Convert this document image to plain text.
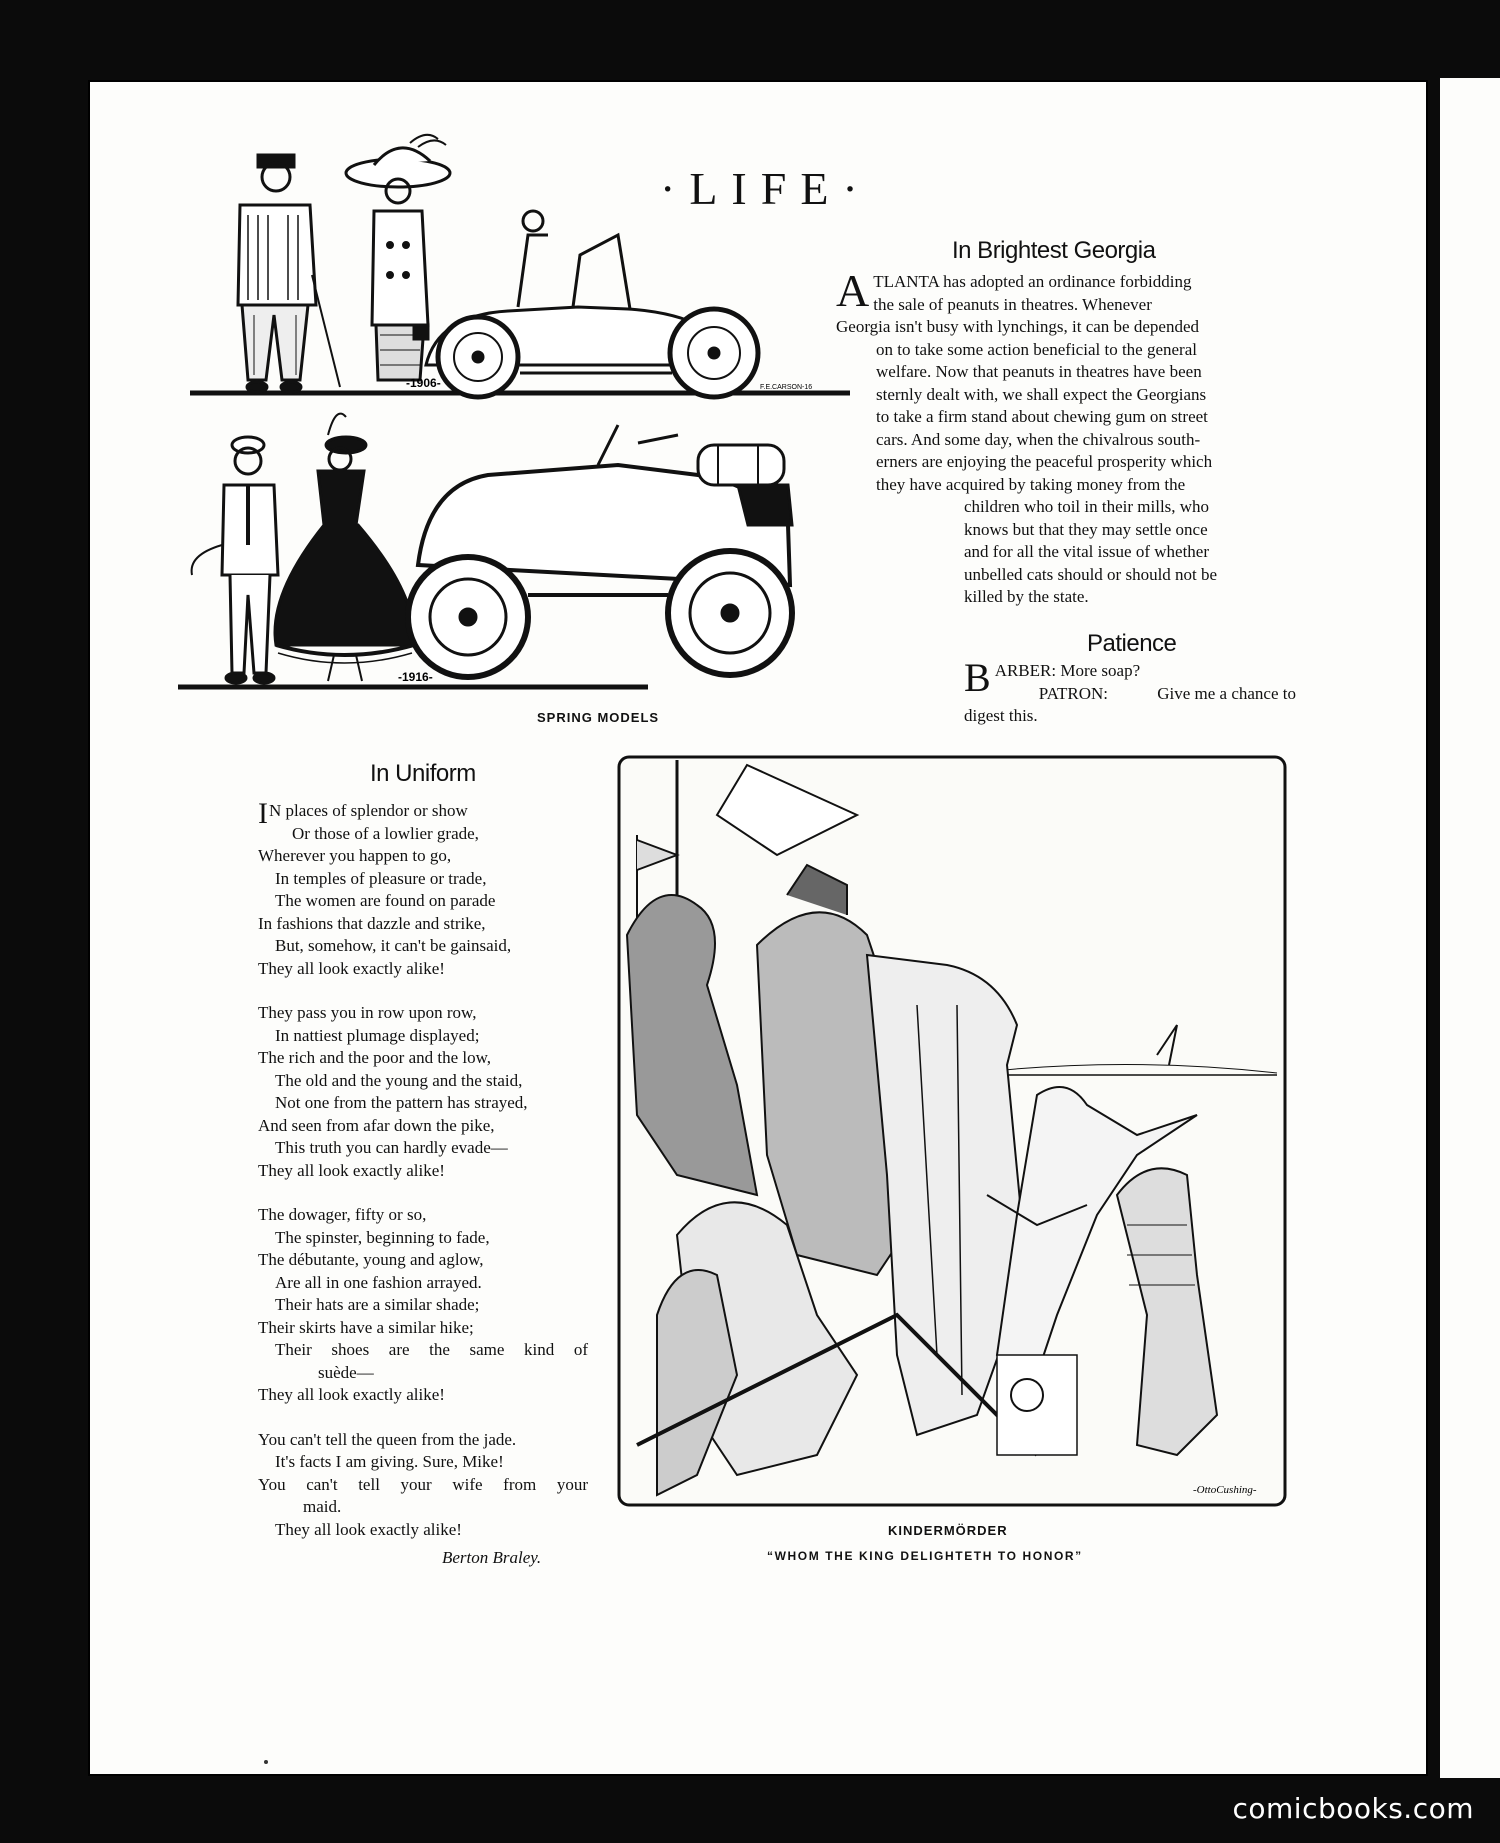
·LIFE·
-1906-	F.E.CARSON-16
-1916-
SPRING MODELS
In Brightest Georgia
A TLANTA has adopted an ordinance forbidding

the sale of peanuts in theatres. Whenever

Georgia isn't busy with lynchings, it can be depended

on to take some action beneficial to the general

welfare. Now that peanuts in theatres have been

sternly dealt with, we shall expect the Georgians

to take a firm stand about chewing gum on street

cars. And some day, when the chivalrous south-

erners are enjoying the peaceful prosperity which

they have acquired by taking money from the

children who toil in their mills, who

knows but that they may settle once

and for all the vital issue of whether

unbelled cats should or should not be

killed by the state.

Patience
B ARBER: More soap?
PATRON:	Give me a chance to
digest this.
In Uniform

I N places of splendor or show

Or those of a lowlier grade,

Wherever you happen to go,

In temples of pleasure or trade,

The women are found on parade

In fashions that dazzle and strike,

But, somehow, it can't be gainsaid,

They all look exactly alike!

They pass you in row upon row,

In nattiest plumage displayed;

The rich and the poor and the low,

The old and the young and the staid,

Not one from the pattern has strayed,

And seen from afar down the pike,

This truth you can hardly evade—

They all look exactly alike!

The dowager, fifty or so,

The spinster, beginning to fade,

The débutante, young and aglow,

Are all in one fashion arrayed.

Their hats are a similar shade;

Their skirts have a similar hike;

Their shoes are the same kind of

suède—

They all look exactly alike!

You can't tell the queen from the jade.

It's facts I am giving. Sure, Mike!

You can't tell your wife from your

maid.

They all look exactly alike!

Berton Braley.
-OttoCushing-
KINDERMÖRDER
“WHOM THE KING DELIGHTETH TO HONOR”
comicbooks.com
